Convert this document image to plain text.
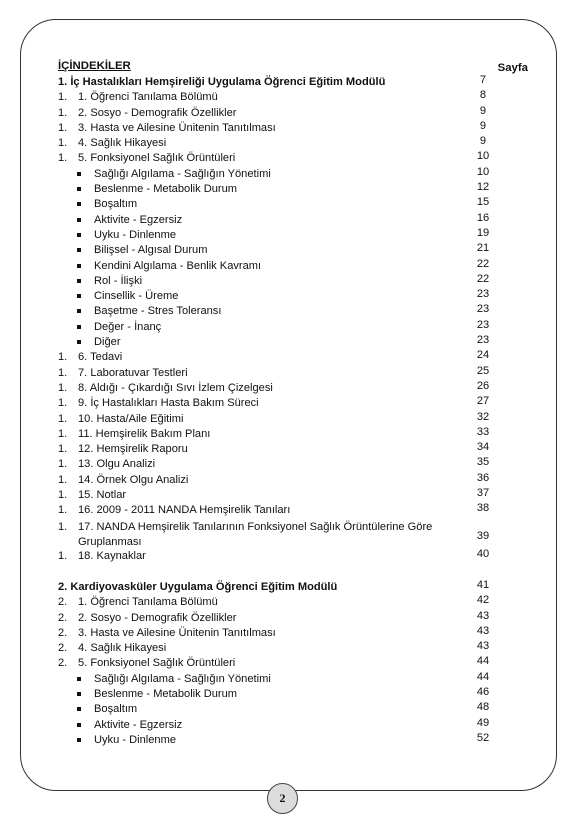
İÇİNDEKİLER	Sayfa
1. İç Hastalıkları Hemşireliği Uygulama Öğrenci Eğitim Modülü	7
1. 1. Öğrenci Tanılama Bölümü	8
1. 2. Sosyo - Demografik Özellikler	9
1. 3. Hasta ve Ailesine Ünitenin Tanıtılması	9
1. 4. Sağlık Hikayesi	9
1. 5. Fonksiyonel Sağlık Örüntüleri	10
Sağlığı Algılama - Sağlığın Yönetimi	10
Beslenme - Metabolik Durum	12
Boşaltım	15
Aktivite - Egzersiz	16
Uyku - Dinlenme	19
Bilişsel - Algısal Durum	21
Kendini Algılama - Benlik Kavramı	22
Rol - İlişki	22
Cinsellik - Üreme	23
Başetme - Stres Toleransı	23
Değer - İnanç	23
Diğer	23
1. 6. Tedavi	24
1. 7. Laboratuvar Testleri	25
1. 8. Aldığı - Çıkardığı Sıvı İzlem Çizelgesi	26
1. 9. İç Hastalıkları Hasta Bakım Süreci	27
1. 10. Hasta/Aile Eğitimi	32
1. 11. Hemşirelik Bakım Planı	33
1. 12. Hemşirelik Raporu	34
1. 13. Olgu Analizi	35
1. 14. Örnek Olgu Analizi	36
1. 15. Notlar	37
1. 16. 2009 - 2011 NANDA Hemşirelik Tanıları	38
1. 17. NANDA Hemşirelik Tanılarının Fonksiyonel Sağlık Örüntülerine Göre Gruplanması	39
1. 18. Kaynaklar	40
2. Kardiyovasküler Uygulama Öğrenci Eğitim Modülü	41
2. 1. Öğrenci Tanılama Bölümü	42
2. 2. Sosyo - Demografik Özellikler	43
2. 3. Hasta ve Ailesine Ünitenin Tanıtılması	43
2. 4. Sağlık Hikayesi	43
2. 5. Fonksiyonel Sağlık Örüntüleri	44
Sağlığı Algılama - Sağlığın Yönetimi	44
Beslenme - Metabolik Durum	46
Boşaltım	48
Aktivite - Egzersiz	49
Uyku - Dinlenme	52
2
